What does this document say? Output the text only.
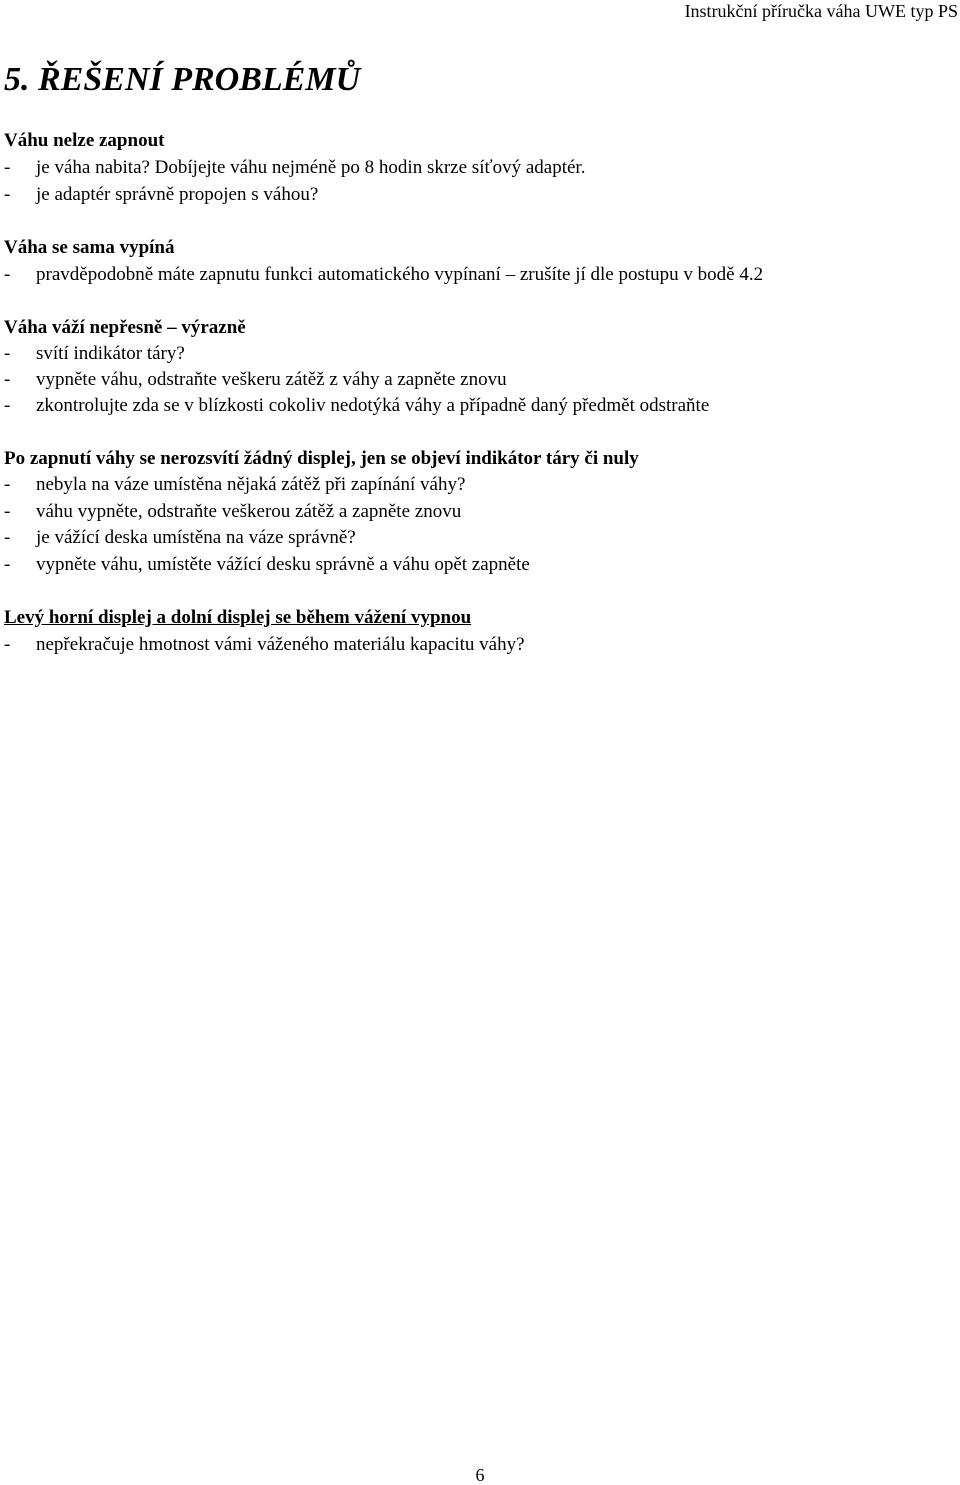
Instrukční příručka váha UWE typ PS
5. ŘEŠENÍ PROBLÉMŮ
Váhu nelze zapnout
-	je váha nabita? Dobíjejte váhu nejméně po 8 hodin skrze síťový adaptér.
-	je adaptér správně propojen s váhou?
Váha se sama vypíná
-	pravděpodobně máte zapnutu funkci automatického vypínaní – zrušíte jí dle postupu v bodě 4.2
Váha váží nepřesně – výrazně
-	svítí indikátor táry?
-	vypněte váhu, odstraňte veškeru zátěž z váhy a zapněte znovu
-	zkontrolujte zda se v blízkosti cokoliv nedotýká váhy a případně daný předmět odstraňte
Po zapnutí váhy se nerozsvítí žádný displej, jen se objeví indikátor táry či nuly
-	nebyla na váze umístěna nějaká zátěž při zapínání váhy?
-	váhu vypněte, odstraňte veškerou zátěž a zapněte znovu
-	je vážící deska umístěna na váze správně?
-	vypněte váhu, umístěte vážící desku správně a váhu opět zapněte
Levý horní displej a dolní displej se během vážení vypnou
-	nepřekračuje hmotnost vámi váženého materiálu kapacitu váhy?
6
